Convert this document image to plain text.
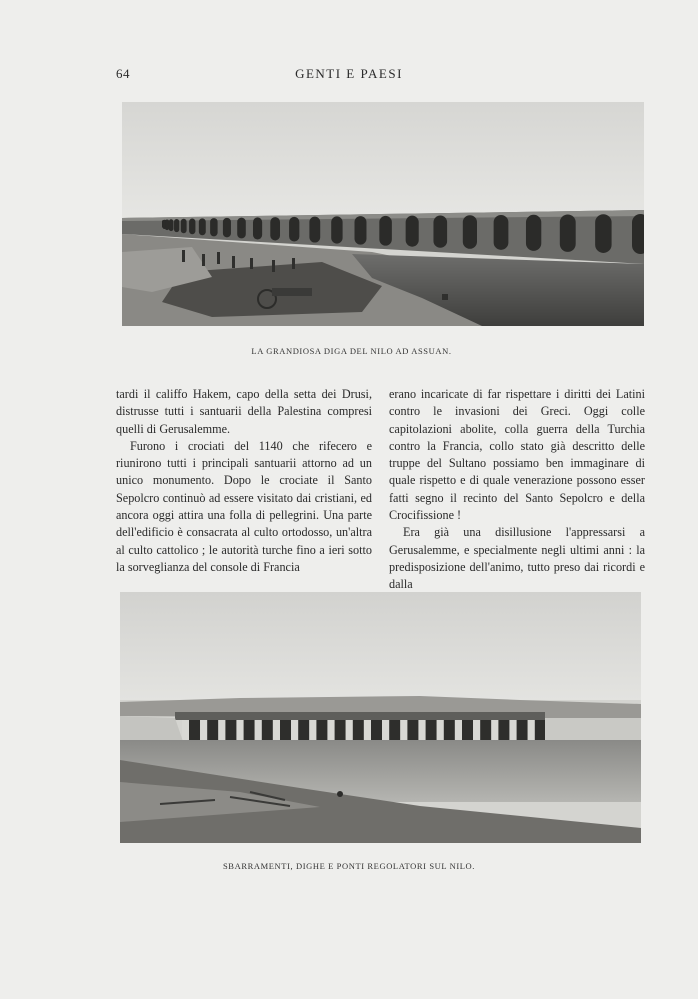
64	GENTI E PAESI
LA GRANDIOSA DIGA DEL NILO AD ASSUAN.

tardi il califfo Hakem, capo della setta dei Drusi, distrusse tutti i santuarii della Palestina compresi quelli di Gerusalemme.

Furono i crociati del 1140 che rifecero e riunirono tutti i principali santuarii attorno ad un unico monumento. Dopo le crociate il Santo Sepolcro continuò ad essere visitato dai cristiani, ed ancora oggi attira una folla di pellegrini. Una parte dell'edificio è consacrata al culto ortodosso, un'altra al culto cattolico ; le autorità turche fino a ieri sotto la sorveglianza del console di Francia

erano incaricate di far rispettare i diritti dei Latini contro le invasioni dei Greci. Oggi colle capitolazioni abolite, colla guerra della Turchia contro la Francia, collo stato già descritto delle truppe del Sultano possiamo ben immaginare di quale rispetto e di quale venerazione possono esser fatti segno il recinto del Santo Sepolcro e della Crocifissione !

Era già una disillusione l'appressarsi a Gerusalemme, e specialmente negli ultimi anni : la predisposizione dell'animo, tutto preso dai ricordi e dalla

SBARRAMENTI, DIGHE E PONTI REGOLATORI SUL NILO.
